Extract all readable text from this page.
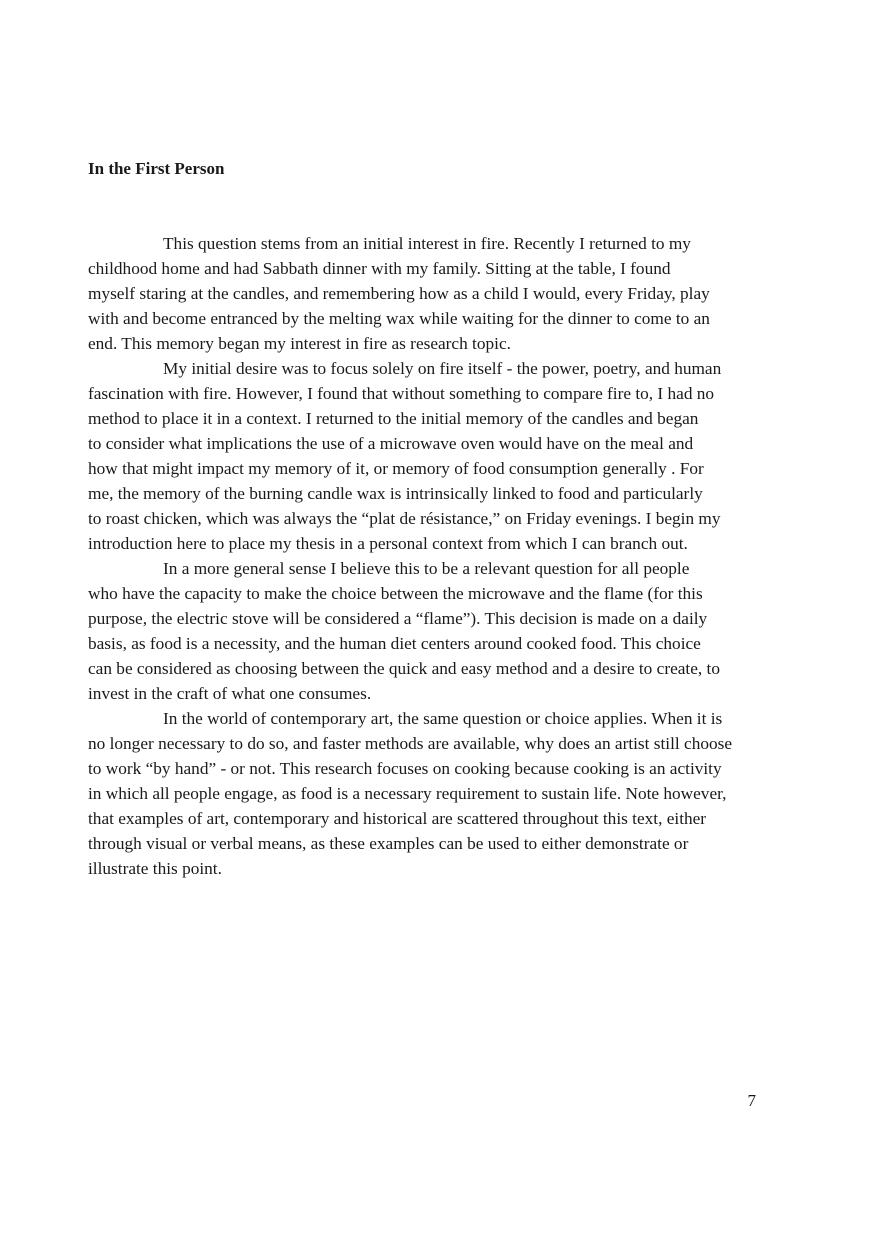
In the First Person
This question stems from an initial interest in fire. Recently I returned to my
childhood home and had Sabbath dinner with my family. Sitting at the table, I found
myself staring at the candles, and remembering how as a child I would, every Friday, play
with and become entranced by the melting wax while waiting for the dinner to come to an
end. This memory began my interest in fire as research topic.
My initial desire was to focus solely on fire itself - the power, poetry, and human
fascination with fire. However, I found that without something to compare fire to, I had no
method to place it in a context. I returned to the initial memory of the candles and began
to consider what implications the use of a microwave oven would have on the meal and
how that might impact my memory of it, or memory of food consumption generally . For
me, the memory of the burning candle wax is intrinsically linked to food and particularly
to roast chicken, which was always the “plat de résistance,” on Friday evenings. I begin my
introduction here to place my thesis in a personal context from which I can branch out.
In a more general sense I believe this to be a relevant question for all people
who have the capacity to make the choice between the microwave and the flame (for this
purpose, the electric stove will be considered a “flame”). This decision is made on a daily
basis, as food is a necessity, and the human diet centers around cooked food. This choice
can be considered as choosing between the quick and easy method and a desire to create, to
invest in the craft of what one consumes.
In the world of contemporary art, the same question or choice applies. When it is
no longer necessary to do so, and faster methods are available, why does an artist still choose
to work “by hand” - or not. This research focuses on cooking because cooking is an activity
in which all people engage, as food is a necessary requirement to sustain life. Note however,
that examples of art, contemporary and historical are scattered throughout this text, either
through visual or verbal means, as these examples can be used to either demonstrate or
illustrate this point.

7
